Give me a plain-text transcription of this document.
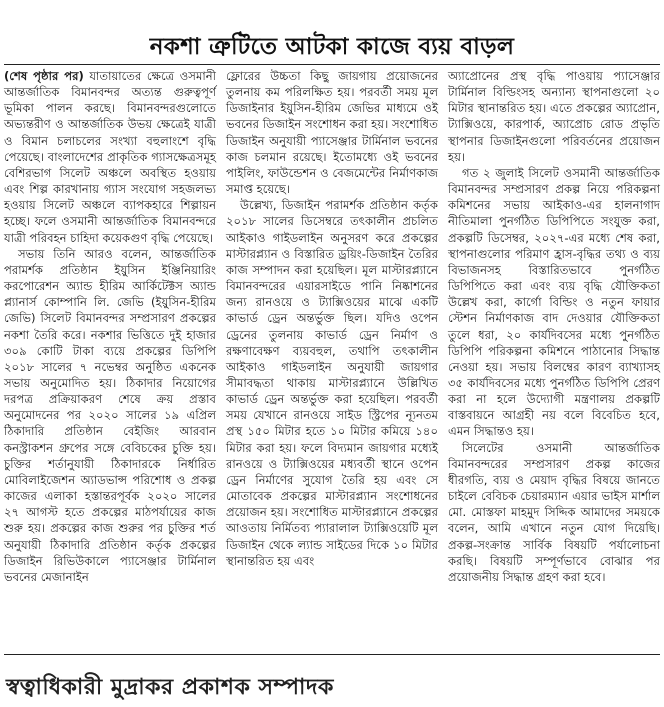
নকশা ত্রুটিতে আটকা কাজে ব্যয় বাড়ল

(শেষ পৃষ্ঠার পর) যাতায়াতের ক্ষেত্রে ওসমানী আন্তর্জাতিক বিমানবন্দর অত্যন্ত গুরুত্বপূর্ণ ভূমিকা পালন করছে। বিমানবন্দরগুলোতে অভ্যন্তরীণ ও আন্তর্জাতিক উভয় ক্ষেত্রেই যাত্রী ও বিমান চলাচলের সংখ্যা বহুলাংশে বৃদ্ধি পেয়েছে। বাংলাদেশের প্রাকৃতিক গ্যাসক্ষেত্রসমূহ বেশিরভাগ সিলেট অঞ্চলে অবস্থিত হওয়ায় এবং শিল্প কারখানায় গ্যাস সংযোগ সহজলভ্য হওয়ায় সিলেট অঞ্চলে ব্যাপকহারে শিল্পায়ন হচ্ছে। ফলে ওসমানী আন্তর্জাতিক বিমানবন্দরে যাত্রী পরিবহন চাহিদা কয়েকগুণ বৃদ্ধি পেয়েছে।

সভায় তিনি আরও বলেন, আন্তর্জাতিক পরামর্শক প্রতিষ্ঠান ইয়ুসিন ইঞ্জিনিয়ারিং করপোরেশন অ্যান্ড হীরিম আর্কিটেক্টস অ্যান্ড প্ল্যানার্স কোম্পানি লি. জেভি (ইয়ুসিন-হীরিম জেভি) সিলেট বিমানবন্দর সম্প্রসারণ প্রকল্পের নকশা তৈরি করে। নকশার ভিত্তিতে দুই হাজার ৩০৯ কোটি টাকা ব্যয়ে প্রকল্পের ডিপিপি ২০১৮ সালের ৭ নভেম্বর অনুষ্ঠিত একনেক সভায় অনুমোদিত হয়। ঠিকাদার নিয়োগের দরপত্র প্রক্রিয়াকরণ শেষে ক্রয় প্রস্তাব অনুমোদনের পর ২০২০ সালের ১৯ এপ্রিল ঠিকাদারি প্রতিষ্ঠান বেইজিং আরবান কনস্ট্রাকশন গ্রুপের সঙ্গে বেবিচকের চুক্তি হয়। চুক্তির শর্তানুযায়ী ঠিকাদারকে নির্ধারিত মোবিলাইজেশন অ্যাডভান্স পরিশোধ ও প্রকল্প কাজের এলাকা হস্তান্তরপূর্বক ২০২০ সালের ২৭ আগস্ট হতে প্রকল্পের মাঠপর্যায়ের কাজ শুরু হয়। প্রকল্পের কাজ শুরুর পর চুক্তির শর্ত অনুযায়ী ঠিকাদারি প্রতিষ্ঠান কর্তৃক প্রকল্পের ডিজাইন রিভিউকালে প্যাসেঞ্জার টার্মিনাল ভবনের মেজানাইন

ফ্লোরের উচ্চতা কিছু জায়গায় প্রয়োজনের তুলনায় কম পরিলক্ষিত হয়। পরবর্তী সময় মূল ডিজাইনার ইয়ুসিন-হীরিম জেভির মাধ্যমে ওই ভবনের ডিজাইন সংশোধন করা হয়। সংশোধিত ডিজাইন অনুযায়ী প্যাসেঞ্জার টার্মিনাল ভবনের কাজ চলমান রয়েছে। ইতোমধ্যে ওই ভবনের পাইলিং, ফাউন্ডেশন ও বেজমেন্টের নির্মাণকাজ সমাপ্ত হয়েছে।

উল্লেখ্য, ডিজাইন পরামর্শক প্রতিষ্ঠান কর্তৃক ২০১৮ সালের ডিসেম্বরে তৎকালীন প্রচলিত আইকাও গাইডলাইন অনুসরণ করে প্রকল্পের মাস্টারপ্ল্যান ও বিস্তারিত ড্রয়িং-ডিজাইন তৈরির কাজ সম্পাদন করা হয়েছিল। মূল মাস্টারপ্ল্যানে বিমানবন্দরের এয়ারসাইডে পানি নিষ্কাশনের জন্য রানওয়ে ও ট্যাক্সিওয়ের মাঝে একটি কাভার্ড ড্রেন অন্তর্ভুক্ত ছিল। যদিও ওপেন ড্রেনের তুলনায় কাভার্ড ড্রেন নির্মাণ ও রক্ষণাবেক্ষণ ব্যয়বহুল, তথাপি তৎকালীন আইকাও গাইডলাইন অনুযায়ী জায়গার সীমাবদ্ধতা থাকায় মাস্টারপ্ল্যানে উল্লিখিত কাভার্ড ড্রেন অন্তর্ভুক্ত করা হয়েছিল। পরবর্তী সময় যেখানে রানওয়ে সাইড স্ট্রিপের ন্যূনতম প্রস্থ ১৫০ মিটার হতে ১০ মিটার কমিয়ে ১৪০ মিটার করা হয়। ফলে বিদ্যমান জায়গার মধ্যেই রানওয়ে ও ট্যাক্সিওয়ের মধ্যবর্তী স্থানে ওপেন ড্রেন নির্মাণের সুযোগ তৈরি হয় এবং সে মোতাবেক প্রকল্পের মাস্টারপ্ল্যান সংশোধনের প্রয়োজন হয়। সংশোধিত মাস্টারপ্ল্যানে প্রকল্পের আওতায় নির্মিতব্য প্যারালাল ট্যাক্সিওয়েটি মূল ডিজাইন থেকে ল্যান্ড সাইডের দিকে ১০ মিটার স্থানান্তরিত হয় এবং

অ্যাপ্রোনের প্রস্থ বৃদ্ধি পাওয়ায় প্যাসেঞ্জার টার্মিনাল বিল্ডিংসহ অন্যান্য স্থাপনাগুলো ২০ মিটার স্থানান্তরিত হয়। এতে প্রকল্পের অ্যাপ্রোন, ট্যাক্সিওয়ে, কারপার্ক, অ্যাপ্রোচ রোড প্রভৃতি স্থাপনার ডিজাইনগুলো পরিবর্তনের প্রয়োজন হয়।

গত ২ জুলাই সিলেট ওসমানী আন্তর্জাতিক বিমানবন্দর সম্প্রসারণ প্রকল্প নিয়ে পরিকল্পনা কমিশনের সভায় আইকাও-এর হালনাগাদ নীতিমালা পুনর্গঠিত ডিপিপিতে সংযুক্ত করা, প্রকল্পটি ডিসেম্বর, ২০২৭-এর মধ্যে শেষ করা, স্থাপনাগুলোর পরিমাণ হ্রাস-বৃদ্ধির তথ্য ও ব্যয় বিভাজনসহ বিস্তারিতভাবে পুনর্গঠিত ডিপিপিতে করা এবং ব্যয় বৃদ্ধি যৌক্তিকতা উল্লেখ করা, কার্গো বিল্ডিং ও নতুন ফায়ার স্টেশন নির্মাণকাজ বাদ দেওয়ার যৌক্তিকতা তুলে ধরা, ২০ কার্যদিবসের মধ্যে পুনর্গঠিত ডিপিপি পরিকল্পনা কমিশনে পাঠানোর সিদ্ধান্ত নেওয়া হয়। সভায় বিলম্বের কারণ ব্যাখ্যাসহ ৩৫ কার্যদিবসের মধ্যে পুনর্গঠিত ডিপিপি প্রেরণ করা না হলে উদ্যোগী মন্ত্রণালয় প্রকল্পটি বাস্তবায়নে আগ্রহী নয় বলে বিবেচিত হবে, এমন সিদ্ধান্তও হয়।

সিলেটের ওসমানী আন্তর্জাতিক বিমানবন্দরের সম্প্রসারণ প্রকল্প কাজের ধীরগতি, ব্যয় ও মেয়াদ বৃদ্ধির বিষয়ে জানতে চাইলে বেবিচক চেয়ারম্যান এয়ার ভাইস মার্শাল মো. মোস্তফা মাহমুদ সিদ্দিক আমাদের সময়কে বলেন, আমি এখানে নতুন যোগ দিয়েছি। প্রকল্প-সংক্রান্ত সার্বিক বিষয়টি পর্যালোচনা করছি। বিষয়টি সম্পূর্ণভাবে বোঝার পর প্রয়োজনীয় সিদ্ধান্ত গ্রহণ করা হবে।

স্বত্বাধিকারী মুদ্রাকর প্রকাশক সম্পাদক
